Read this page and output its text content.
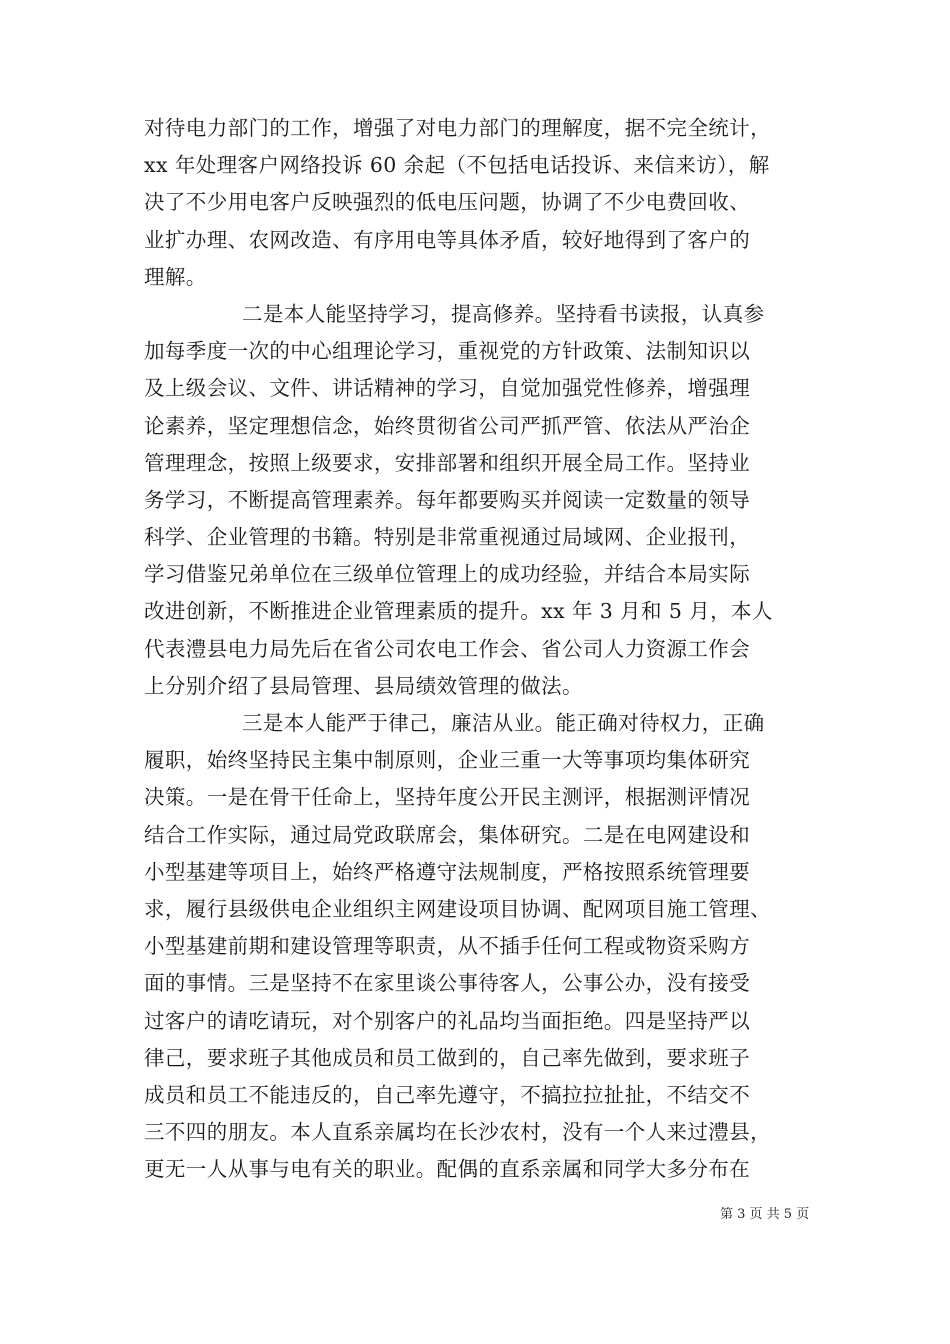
对待电力部门的工作，增强了对电力部门的理解度，据不完全统计，
xx 年处理客户网络投诉 60 余起（不包括电话投诉、来信来访），解
决了不少用电客户反映强烈的低电压问题，协调了不少电费回收、
业扩办理、农网改造、有序用电等具体矛盾，较好地得到了客户的
理解。
二是本人能坚持学习，提高修养。坚持看书读报，认真参
加每季度一次的中心组理论学习，重视党的方针政策、法制知识以
及上级会议、文件、讲话精神的学习，自觉加强党性修养，增强理
论素养，坚定理想信念，始终贯彻省公司严抓严管、依法从严治企
管理理念，按照上级要求，安排部署和组织开展全局工作。坚持业
务学习，不断提高管理素养。每年都要购买并阅读一定数量的领导
科学、企业管理的书籍。特别是非常重视通过局域网、企业报刊，
学习借鉴兄弟单位在三级单位管理上的成功经验，并结合本局实际
改进创新，不断推进企业管理素质的提升。xx 年 3 月和 5 月，本人
代表澧县电力局先后在省公司农电工作会、省公司人力资源工作会
上分别介绍了县局管理、县局绩效管理的做法。
三是本人能严于律己，廉洁从业。能正确对待权力，正确
履职，始终坚持民主集中制原则，企业三重一大等事项均集体研究
决策。一是在骨干任命上，坚持年度公开民主测评，根据测评情况
结合工作实际，通过局党政联席会，集体研究。二是在电网建设和
小型基建等项目上，始终严格遵守法规制度，严格按照系统管理要
求，履行县级供电企业组织主网建设项目协调、配网项目施工管理、
小型基建前期和建设管理等职责，从不插手任何工程或物资采购方
面的事情。三是坚持不在家里谈公事待客人，公事公办，没有接受
过客户的请吃请玩，对个别客户的礼品均当面拒绝。四是坚持严以
律己，要求班子其他成员和员工做到的，自己率先做到，要求班子
成员和员工不能违反的，自己率先遵守，不搞拉拉扯扯，不结交不
三不四的朋友。本人直系亲属均在长沙农村，没有一个人来过澧县，
更无一人从事与电有关的职业。配偶的直系亲属和同学大多分布在
第 3 页 共 5 页
